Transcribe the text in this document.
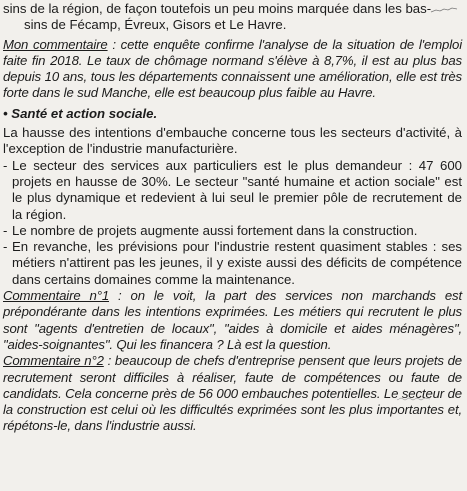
sins de la région, de façon toutefois un peu moins marquée dans les bas-

sins de Fécamp, Évreux, Gisors et Le Havre.

Mon commentaire : cette enquête confirme l'analyse de la situation de l'emploi faite fin 2018. Le taux de chômage normand s'élève à 8,7%, il est au plus bas depuis 10 ans, tous les départements connaissent une amélioration, elle est très forte dans le sud Manche, elle est beaucoup plus faible au Havre.

• Santé et action sociale.

La hausse des intentions d'embauche concerne tous les secteurs d'activité, à l'exception de l'industrie manufacturière.

- Le secteur des services aux particuliers est le plus demandeur : 47 600 projets en hausse de 30%. Le secteur "santé humaine et action sociale" est le plus dynamique et redevient à lui seul le premier pôle de recrutement de la région.
- Le nombre de projets augmente aussi fortement dans la construction.
- En revanche, les prévisions pour l'industrie restent quasiment stables : ses métiers n'attirent pas les jeunes, il y existe aussi des déficits de compétence dans certains domaines comme la maintenance.

Commentaire n°1 : on le voit, la part des services non marchands est prépondérante dans les intentions exprimées. Les métiers qui recrutent le plus sont "agents d'entretien de locaux", "aides à domicile et aides ménagères", "aides-soignantes". Qui les financera ? Là est la question.

Commentaire n°2 : beaucoup de chefs d'entreprise pensent que leurs projets de recrutement seront difficiles à réaliser, faute de compétences ou faute de candidats. Cela concerne près de 56 000 embauches potentielles. Le secteur de la construction est celui où les difficultés exprimées sont les plus importantes et, répétons-le, dans l'industrie aussi.
